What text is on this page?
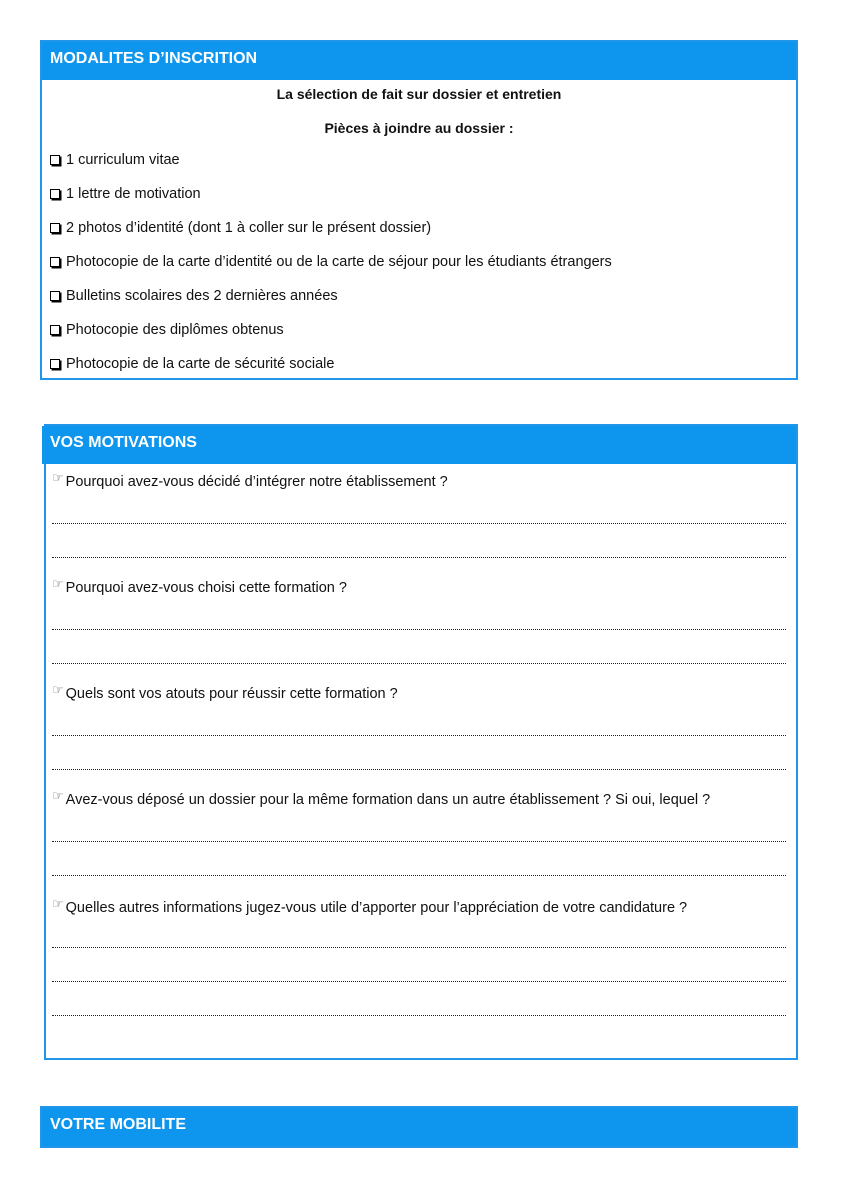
MODALITES D’INSCRITION
La sélection de fait sur dossier et entretien
Pièces à joindre au dossier :
1 curriculum vitae
1 lettre de motivation
2 photos d’identité (dont 1 à coller sur le présent dossier)
Photocopie de la carte d’identité ou de la carte de séjour pour les étudiants étrangers
Bulletins scolaires des 2 dernières années
Photocopie des diplômes obtenus
Photocopie de la carte de sécurité sociale
VOS MOTIVATIONS
☞ Pourquoi avez-vous décidé d’intégrer notre établissement ?
☞ Pourquoi avez-vous choisi cette formation ?
☞ Quels sont vos atouts pour réussir cette formation ?
☞ Avez-vous déposé un dossier pour la même formation dans un autre établissement ? Si oui, lequel ?
☞ Quelles autres informations jugez-vous utile d’apporter pour l’appréciation de votre candidature ?
VOTRE MOBILITE
